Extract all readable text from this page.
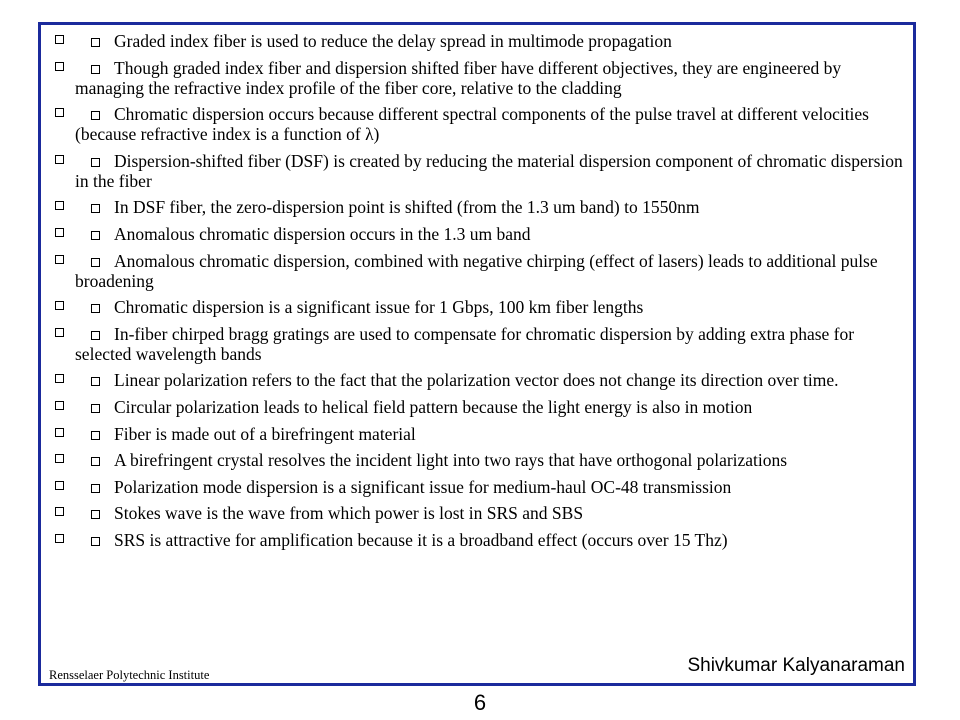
Graded index fiber is used to reduce the delay spread in multimode propagation
Though graded index fiber and dispersion shifted fiber have different objectives, they are engineered by managing the refractive index profile of the fiber core, relative to the cladding
Chromatic dispersion occurs because different spectral components of the pulse travel at different velocities (because refractive index is a function of λ)
Dispersion-shifted fiber (DSF) is created by reducing the material dispersion component of chromatic dispersion in the fiber
In DSF fiber, the zero-dispersion point is shifted (from the 1.3 um band) to 1550nm
Anomalous chromatic dispersion occurs in the 1.3 um band
Anomalous chromatic dispersion, combined with negative chirping (effect of lasers) leads to additional pulse broadening
Chromatic dispersion is a significant issue for 1 Gbps, 100 km fiber lengths
In-fiber chirped bragg gratings are used to compensate for chromatic dispersion by adding extra phase for selected wavelength bands
Linear polarization refers to the fact that the polarization vector does not change its direction over time.
Circular polarization leads to helical field pattern because the light energy is also in motion
Fiber is made out of a birefringent material
A birefringent crystal resolves the incident light into two rays that have orthogonal polarizations
Polarization mode dispersion is a significant issue for medium-haul OC-48 transmission
Stokes wave is the wave from which power is lost in SRS and SBS
SRS is attractive for amplification because it is a broadband effect (occurs over 15 Thz)
Rensselaer Polytechnic Institute	Shivkumar Kalyanaraman
6
